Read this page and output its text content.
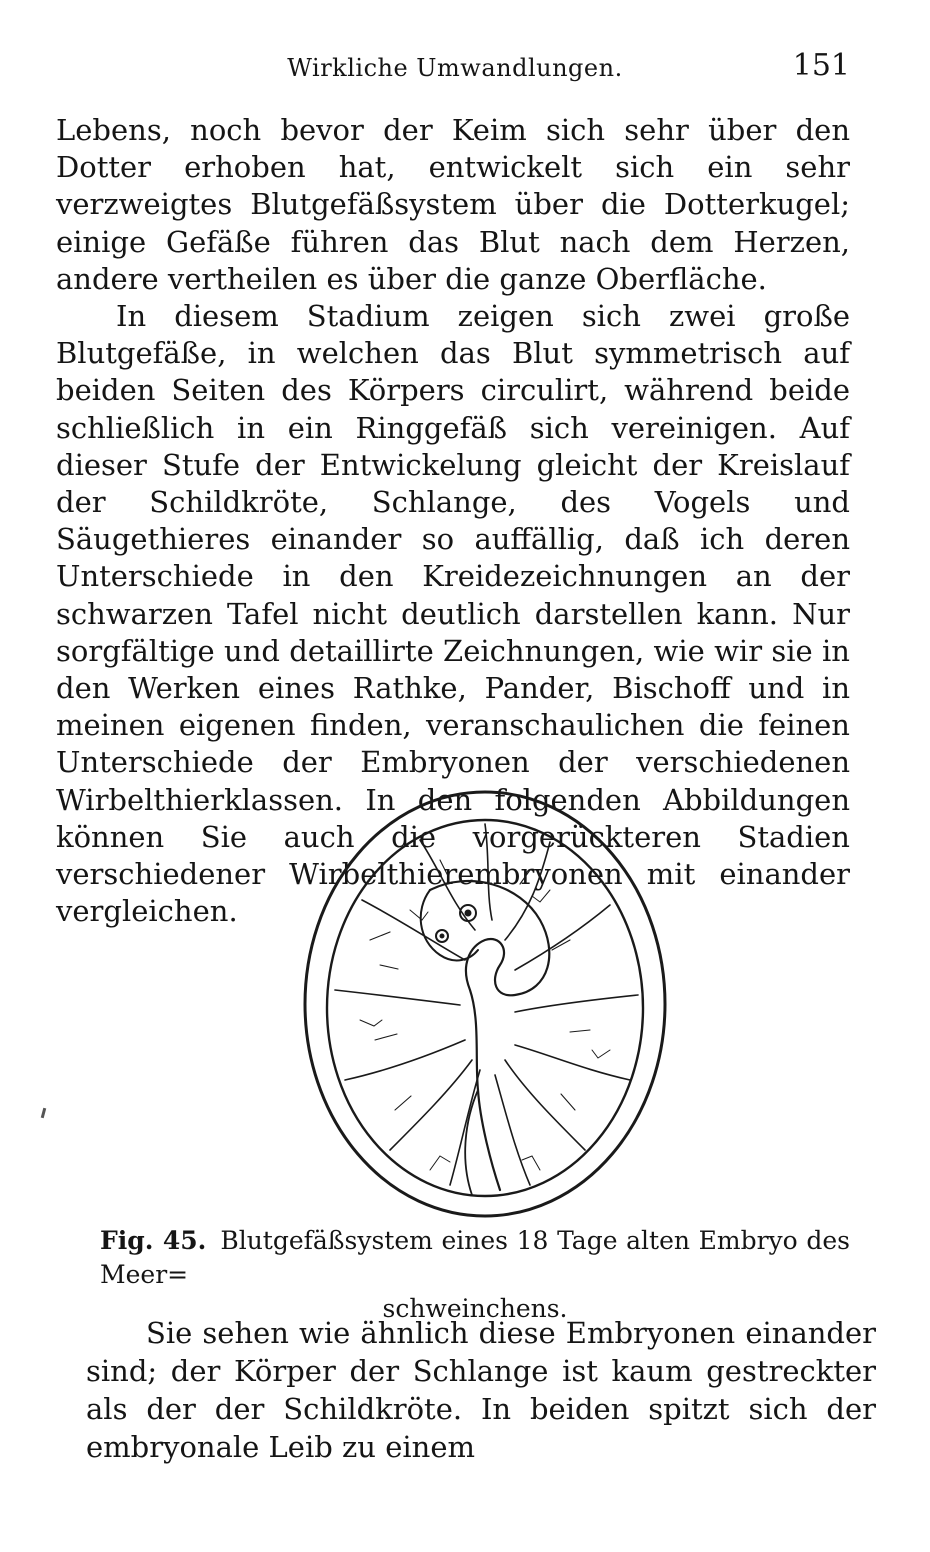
Wirkliche Umwandlungen.	151

Lebens, noch bevor der Keim sich sehr über den Dotter erhoben hat, entwickelt sich ein sehr verzweigtes Blutgefäßsystem über die Dotterkugel; einige Gefäße führen das Blut nach dem Herzen, andere vertheilen es über die ganze Oberfläche.

In diesem Stadium zeigen sich zwei große Blutgefäße, in welchen das Blut symmetrisch auf beiden Seiten des Körpers circulirt, während beide schließlich in ein Ringgefäß sich vereinigen. Auf dieser Stufe der Entwickelung gleicht der Kreislauf der Schildkröte, Schlange, des Vogels und Säugethieres einander so auffällig, daß ich deren Unterschiede in den Kreidezeichnungen an der schwarzen Tafel nicht deutlich darstellen kann. Nur sorgfältige und detaillirte Zeichnungen, wie wir sie in den Werken eines Rathke, Pander, Bischoff und in meinen eigenen finden, veranschaulichen die feinen Unterschiede der Embryonen der verschiedenen Wirbelthierklassen. In den folgenden Abbildungen können Sie auch die vorgerückteren Stadien verschiedener Wirbelthierembryonen mit einander vergleichen.

Fig. 45. Blutgefäßsystem eines 18 Tage alten Embryo des Meer=
schweinchens.

Sie sehen wie ähnlich diese Embryonen einander sind; der Körper der Schlange ist kaum gestreckter als der der Schildkröte. In beiden spitzt sich der embryonale Leib zu einem
